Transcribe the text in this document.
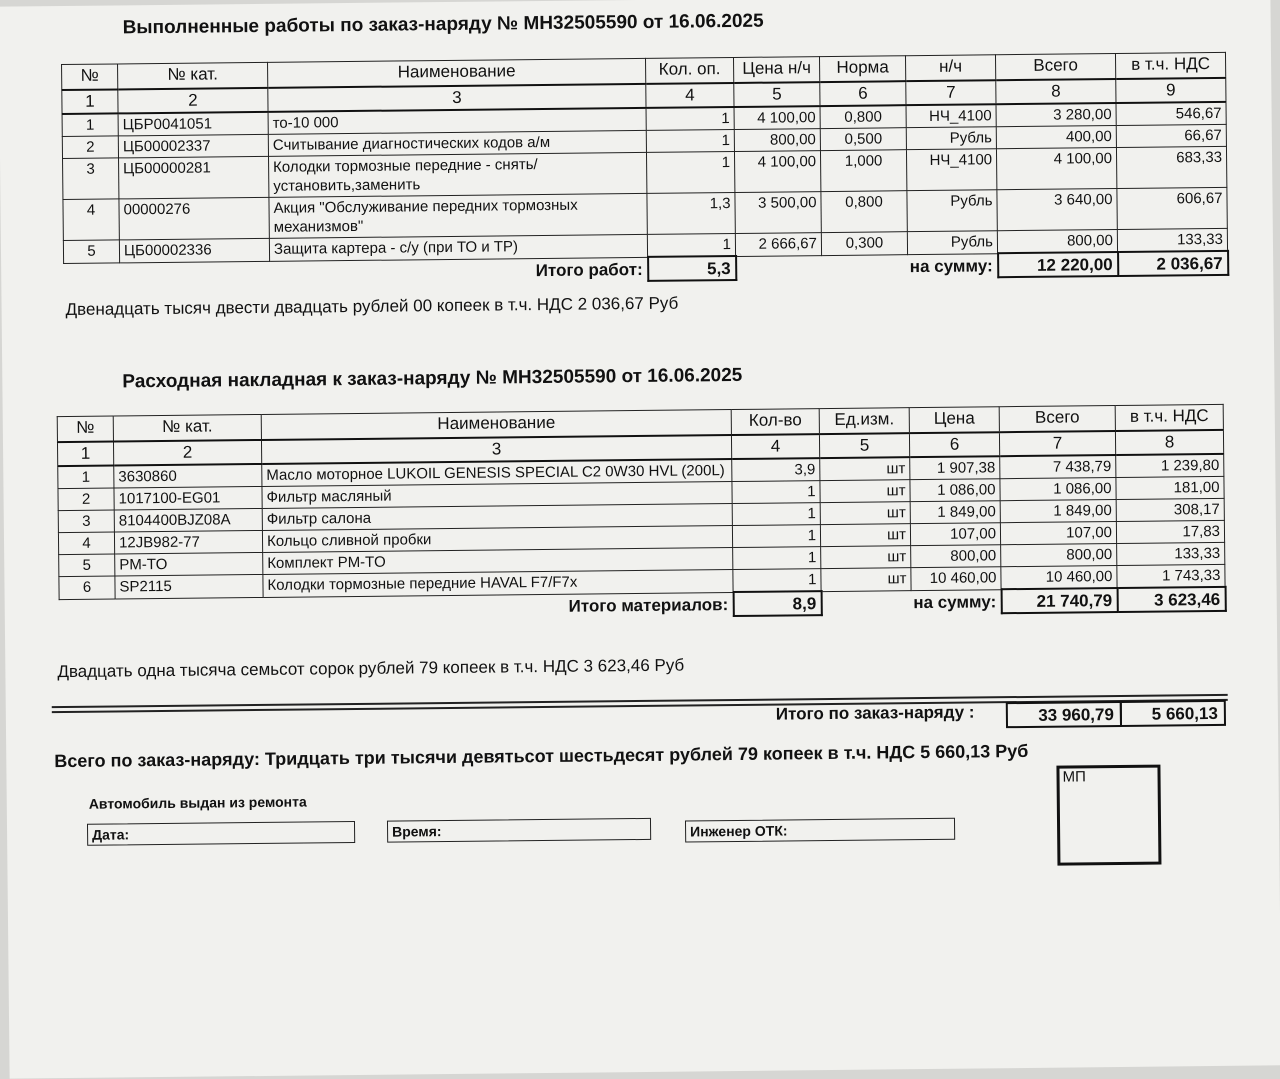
Выполненные работы по заказ-наряду № МН32505590 от 16.06.2025
№	№ кат.	Наименование	Кол. оп.	Цена н/ч	Норма	н/ч	Всего	в т.ч. НДС
1	2	3	4	5	6	7	8	9
1	ЦБР0041051	то-10 000	1	4 100,00	0,800	НЧ_4100	3 280,00	546,67
2	ЦБ00002337	Считывание диагностических кодов а/м	1	800,00	0,500	Рубль	400,00	66,67
3	ЦБ00000281	Колодки тормозные передние - снять/установить,заменить	1	4 100,00	1,000	НЧ_4100	4 100,00	683,33
4	00000276	Акция "Обслуживание передних тормозных механизмов"	1,3	3 500,00	0,800	Рубль	3 640,00	606,67
5	ЦБ00002336	Защита картера - с/у (при ТО и ТР)	1	2 666,67	0,300	Рубль	800,00	133,33
Итого работ:			5,3	на сумму:			12 220,00	2 036,67
Двенадцать тысяч двести двадцать рублей 00 копеек в т.ч. НДС 2 036,67 Руб
Расходная накладная к заказ-наряду № МН32505590 от 16.06.2025
№	№ кат.	Наименование	Кол-во	Ед.изм.	Цена	Всего	в т.ч. НДС
1	2	3	4	5	6	7	8
1	3630860	Масло моторное LUKOIL GENESIS SPECIAL C2 0W30 HVL (200L)	3,9	шт	1 907,38	7 438,79	1 239,80
2	1017100-EG01	Фильтр масляный	1	шт	1 086,00	1 086,00	181,00
3	8104400BJZ08A	Фильтр салона	1	шт	1 849,00	1 849,00	308,17
4	12JB982-77	Кольцо сливной пробки	1	шт	107,00	107,00	17,83
5	PM-TO	Комплект PM-TO	1	шт	800,00	800,00	133,33
6	SP2115	Колодки тормозные передние HAVAL F7/F7x	1	шт	10 460,00	10 460,00	1 743,33
Итого материалов:			8,9	на сумму:		21 740,79	3 623,46
Двадцать одна тысяча семьсот сорок рублей 79 копеек в т.ч. НДС 3 623,46 Руб
Итого по заказ-наряду :	33 960,79	5 660,13
Всего по заказ-наряду: Тридцать три тысячи девятьсот шестьдесят рублей 79 копеек в т.ч. НДС 5 660,13 Руб
Автомобиль выдан из ремонта
Дата:	Время:	Инженер ОТК:
МП
